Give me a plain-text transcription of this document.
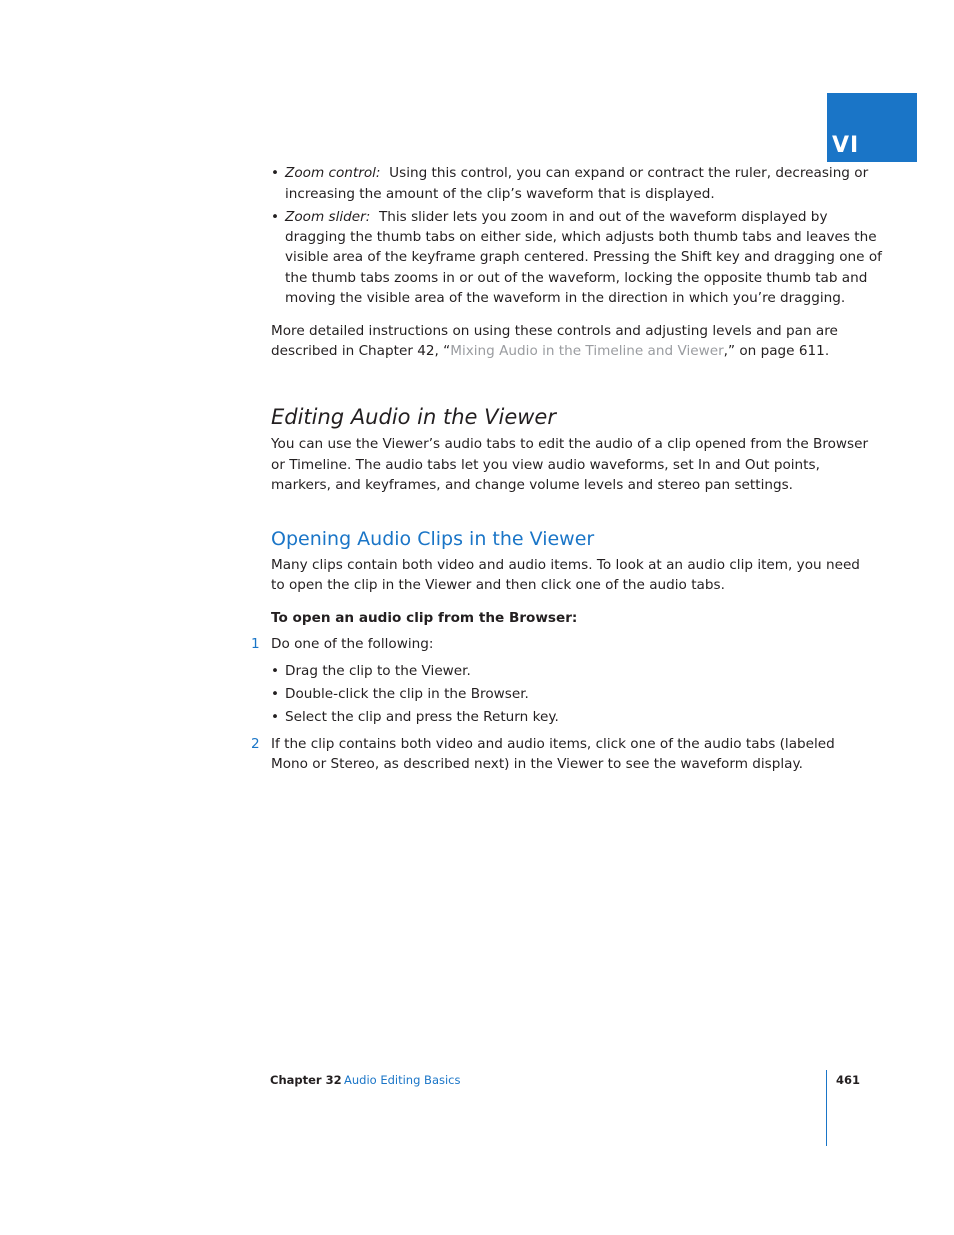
VI
• Zoom control: Using this control, you can expand or contract the ruler, decreasing or
increasing the amount of the clip’s waveform that is displayed.
• Zoom slider: This slider lets you zoom in and out of the waveform displayed by
dragging the thumb tabs on either side, which adjusts both thumb tabs and leaves the
visible area of the keyframe graph centered. Pressing the Shift key and dragging one of
the thumb tabs zooms in or out of the waveform, locking the opposite thumb tab and
moving the visible area of the waveform in the direction in which you’re dragging.
More detailed instructions on using these controls and adjusting levels and pan are
described in Chapter 42, “Mixing Audio in the Timeline and Viewer,” on page 611.
Editing Audio in the Viewer
You can use the Viewer’s audio tabs to edit the audio of a clip opened from the Browser
or Timeline. The audio tabs let you view audio waveforms, set In and Out points,
markers, and keyframes, and change volume levels and stereo pan settings.
Opening Audio Clips in the Viewer
Many clips contain both video and audio items. To look at an audio clip item, you need
to open the clip in the Viewer and then click one of the audio tabs.
To open an audio clip from the Browser:
1 Do one of the following:
• Drag the clip to the Viewer.
• Double-click the clip in the Browser.
• Select the clip and press the Return key.
2 If the clip contains both video and audio items, click one of the audio tabs (labeled
Mono or Stereo, as described next) in the Viewer to see the waveform display.
Chapter 32 Audio Editing Basics	461
